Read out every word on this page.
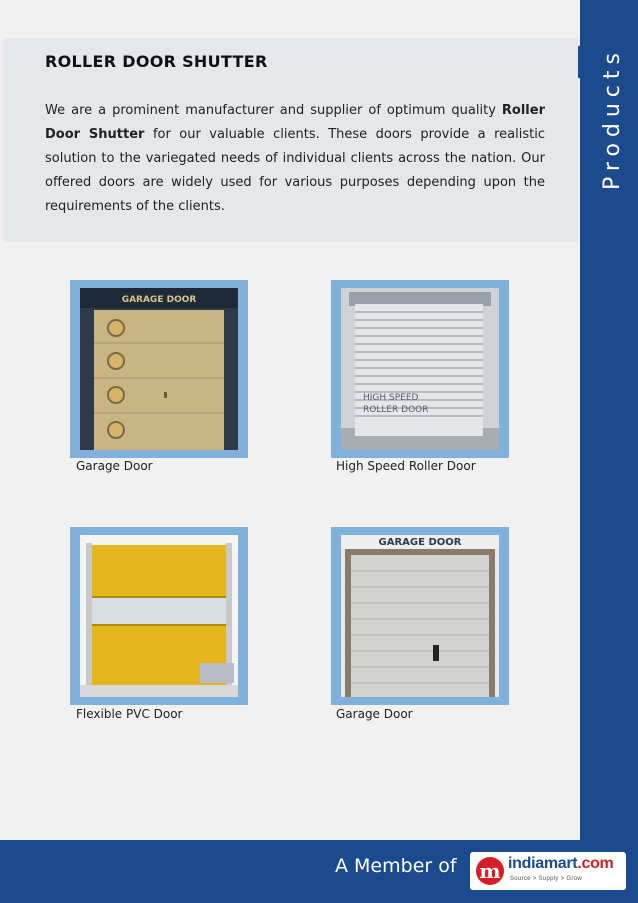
Products
ROLLER DOOR SHUTTER

We are a prominent manufacturer and supplier of optimum quality Roller Door Shutter for our valuable clients. These doors provide a realistic solution to the variegated needs of individual clients across the nation. Our offered doors are widely used for various purposes depending upon the requirements of the clients.

GARAGE DOOR
Garage Door
HIGH SPEED
ROLLER DOOR
High Speed Roller Door
Flexible PVC Door
GARAGE DOOR
Garage Door
A Member of m indiamart.com
Source > Supply > Grow
